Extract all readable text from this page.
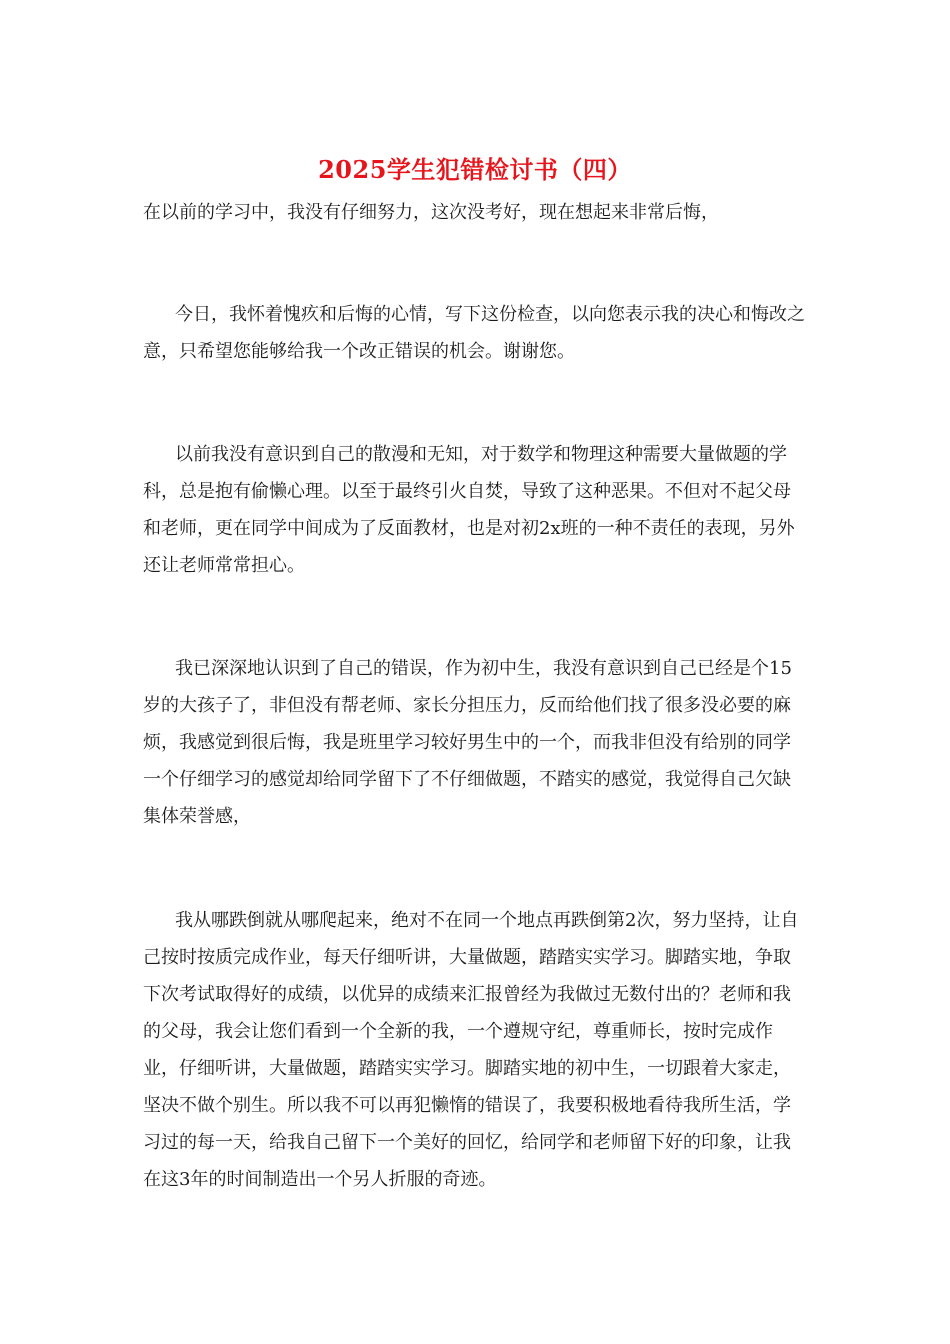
2025学生犯错检讨书（四）

在以前的学习中，我没有仔细努力，这次没考好，现在想起来非常后悔，

今日，我怀着愧疚和后悔的心情，写下这份检查，以向您表示我的决心和悔改之意，只希望您能够给我一个改正错误的机会。谢谢您。

以前我没有意识到自己的散漫和无知，对于数学和物理这种需要大量做题的学科，总是抱有偷懒心理。以至于最终引火自焚，导致了这种恶果。不但对不起父母和老师，更在同学中间成为了反面教材，也是对初2x班的一种不责任的表现，另外还让老师常常担心。

我已深深地认识到了自己的错误，作为初中生，我没有意识到自己已经是个15岁的大孩子了，非但没有帮老师、家长分担压力，反而给他们找了很多没必要的麻烦，我感觉到很后悔，我是班里学习较好男生中的一个，而我非但没有给别的同学一个仔细学习的感觉却给同学留下了不仔细做题，不踏实的感觉，我觉得自己欠缺集体荣誉感，

我从哪跌倒就从哪爬起来，绝对不在同一个地点再跌倒第2次，努力坚持，让自己按时按质完成作业，每天仔细听讲，大量做题，踏踏实实学习。脚踏实地，争取下次考试取得好的成绩，以优异的成绩来汇报曾经为我做过无数付出的？老师和我的父母，我会让您们看到一个全新的我，一个遵规守纪，尊重师长，按时完成作业，仔细听讲，大量做题，踏踏实实学习。脚踏实地的初中生，一切跟着大家走，坚决不做个别生。所以我不可以再犯懒惰的错误了，我要积极地看待我所生活，学习过的每一天，给我自己留下一个美好的回忆，给同学和老师留下好的印象，让我在这3年的时间制造出一个另人折服的奇迹。
